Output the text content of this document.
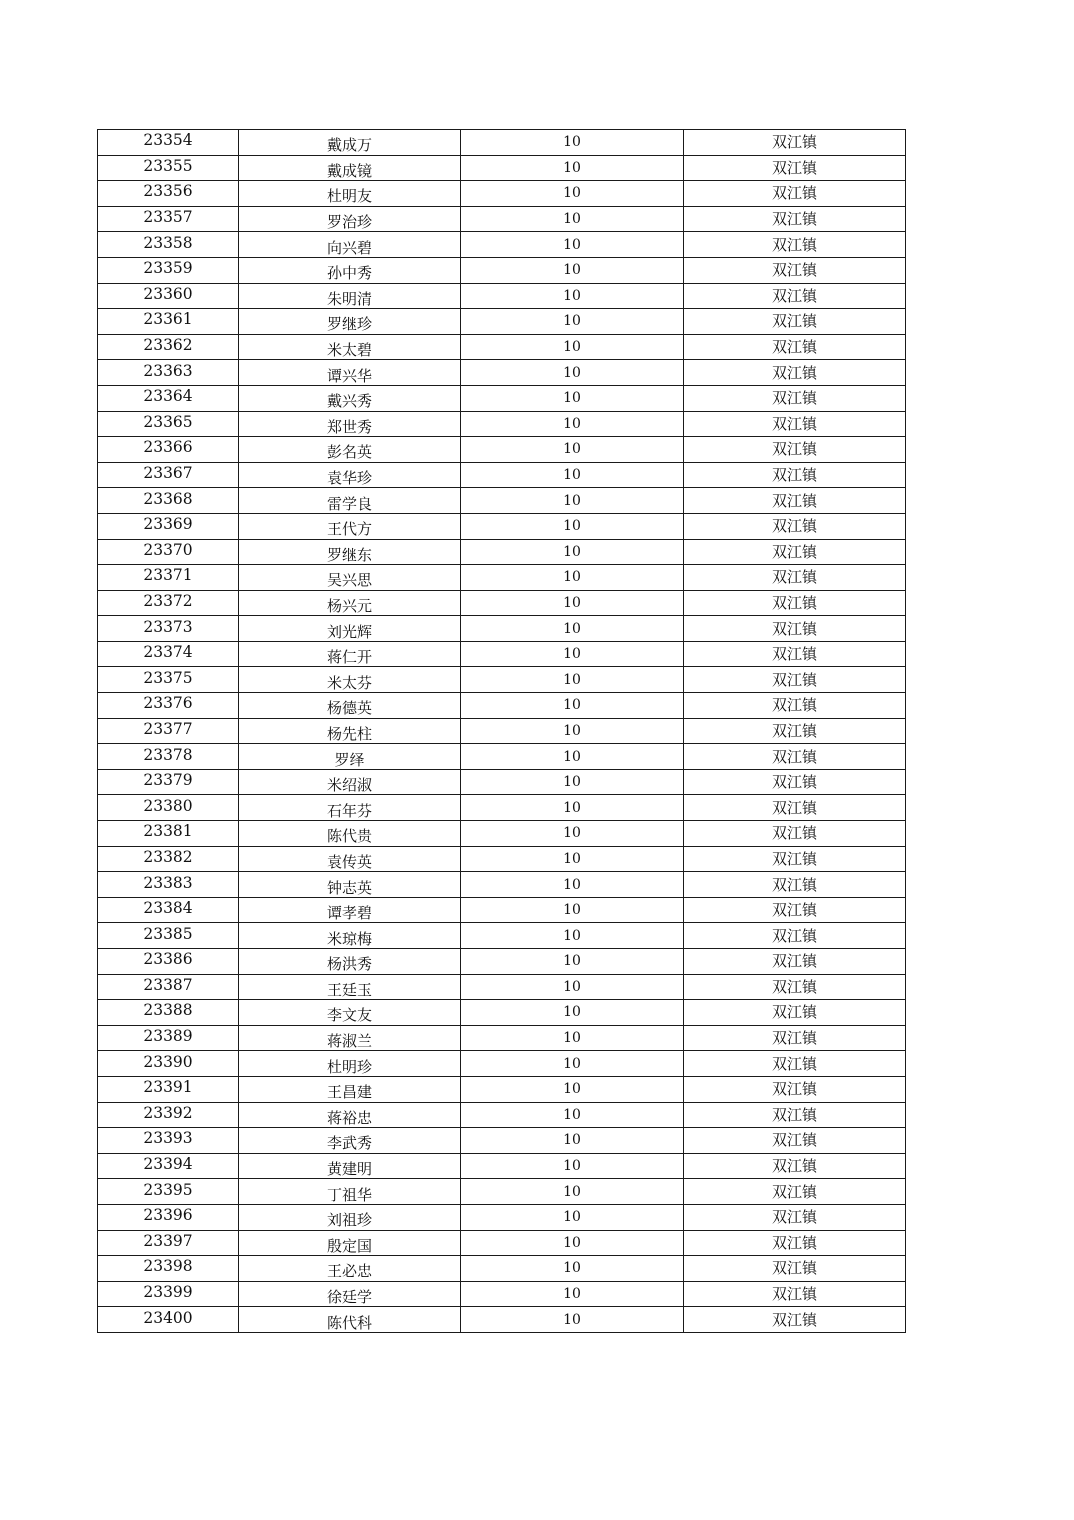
23354	戴成万	10	双江镇
23355	戴成镜	10	双江镇
23356	杜明友	10	双江镇
23357	罗治珍	10	双江镇
23358	向兴碧	10	双江镇
23359	孙中秀	10	双江镇
23360	朱明清	10	双江镇
23361	罗继珍	10	双江镇
23362	米太碧	10	双江镇
23363	谭兴华	10	双江镇
23364	戴兴秀	10	双江镇
23365	郑世秀	10	双江镇
23366	彭名英	10	双江镇
23367	袁华珍	10	双江镇
23368	雷学良	10	双江镇
23369	王代方	10	双江镇
23370	罗继东	10	双江镇
23371	吴兴思	10	双江镇
23372	杨兴元	10	双江镇
23373	刘光辉	10	双江镇
23374	蒋仁开	10	双江镇
23375	米太芬	10	双江镇
23376	杨德英	10	双江镇
23377	杨先柱	10	双江镇
23378	罗绎	10	双江镇
23379	米绍淑	10	双江镇
23380	石年芬	10	双江镇
23381	陈代贵	10	双江镇
23382	袁传英	10	双江镇
23383	钟志英	10	双江镇
23384	谭孝碧	10	双江镇
23385	米琼梅	10	双江镇
23386	杨洪秀	10	双江镇
23387	王廷玉	10	双江镇
23388	李文友	10	双江镇
23389	蒋淑兰	10	双江镇
23390	杜明珍	10	双江镇
23391	王昌建	10	双江镇
23392	蒋裕忠	10	双江镇
23393	李武秀	10	双江镇
23394	黄建明	10	双江镇
23395	丁祖华	10	双江镇
23396	刘祖珍	10	双江镇
23397	殷定国	10	双江镇
23398	王必忠	10	双江镇
23399	徐廷学	10	双江镇
23400	陈代科	10	双江镇
